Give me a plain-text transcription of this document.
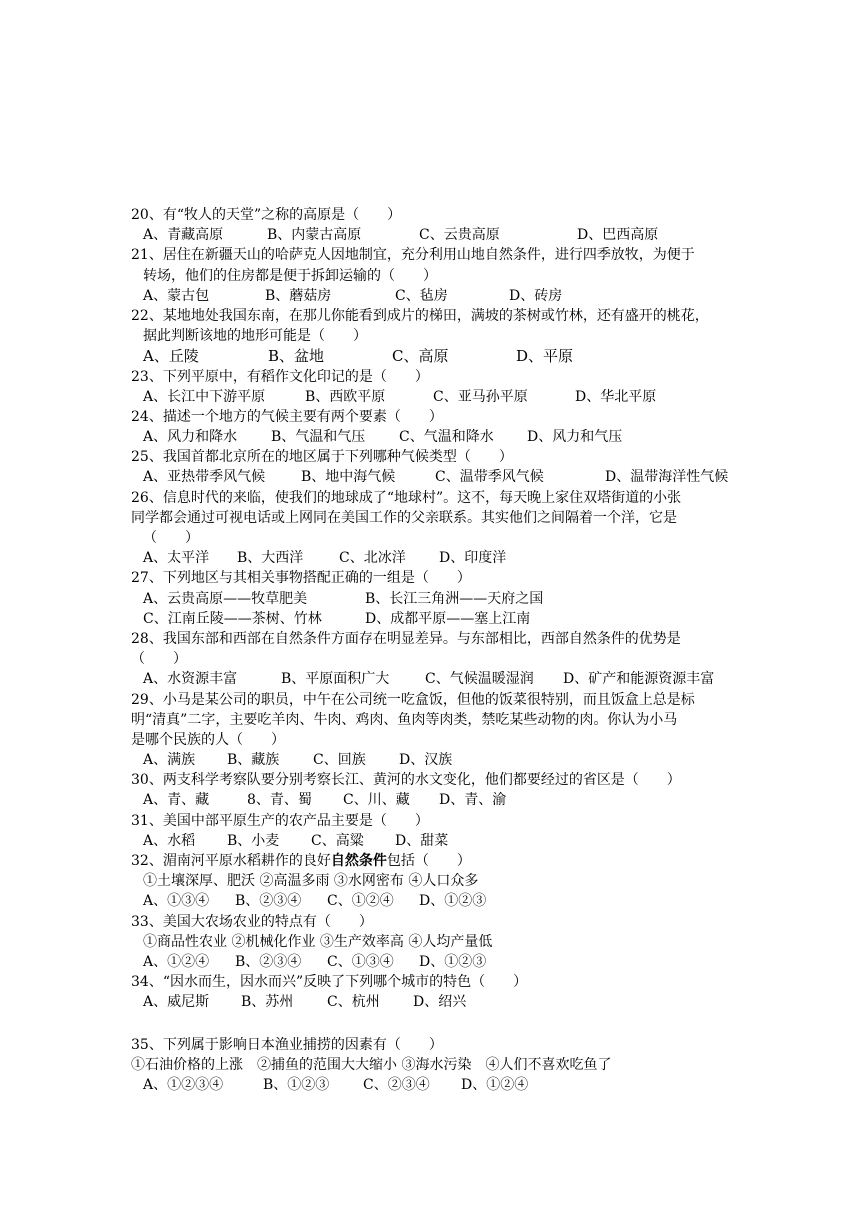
20、有“牧人的天堂”之称的高原是（　　）
A、青藏高原	B、内蒙古高原	C、云贵高原	D、巴西高原
21、居住在新疆天山的哈萨克人因地制宜，充分利用山地自然条件，进行四季放牧，为便于
转场，他们的住房都是便于拆卸运输的（　　）
A、蒙古包	B、蘑菇房	C、毡房	D、砖房
22、某地地处我国东南，在那儿你能看到成片的梯田，满坡的茶树或竹林，还有盛开的桃花，
据此判断该地的地形可能是（　　）
A、丘陵	B、盆地	C、高原	D、平原
23、下列平原中，有稻作文化印记的是（　　）
A、长江中下游平原	B、西欧平原	C、亚马孙平原	D、华北平原
24、描述一个地方的气候主要有两个要素（　　）
A、风力和降水 B、气温和气压 C、气温和降水 D、风力和气压
25、我国首都北京所在的地区属于下列哪种气候类型（　　）
A、亚热带季风气候	B、地中海气候	C、温带季风气候	D、温带海洋性气候
26、信息时代的来临，使我们的地球成了“地球村”。这不，每天晚上家住双塔街道的小张
同学都会通过可视电话或上网同在美国工作的父亲联系。其实他们之间隔着一个洋，它是
（　　）
A、太平洋 B、大西洋	C、北冰洋 D、印度洋
27、下列地区与其相关事物搭配正确的一组是（　　）
A、云贵高原——牧草肥美	B、长江三角洲——天府之国
C、江南丘陵——茶树、竹林	D、成都平原——塞上江南
28、我国东部和西部在自然条件方面存在明显差异。与东部相比，西部自然条件的优势是
（　　）
A、水资源丰富	B、平原面积广大	C、气候温暖湿润 D、矿产和能源资源丰富
29、小马是某公司的职员，中午在公司统一吃盒饭，但他的饭菜很特别，而且饭盒上总是标
明“清真”二字，主要吃羊肉、牛肉、鸡肉、鱼肉等肉类，禁吃某些动物的肉。你认为小马
是哪个民族的人（　　）
A、满族 B、藏族 C、回族 D、汉族
30、两支科学考察队要分别考察长江、黄河的水文变化，他们都要经过的省区是（　　）
A、青、藏	8、青、蜀 C、川、藏 D、青、渝
31、美国中部平原生产的农产品主要是（　　）
A、水稻 B、小麦 C、高粱 D、甜菜
32、湄南河平原水稻耕作的良好自然条件包括（　　）
①土壤深厚、肥沃 ②高温多雨 ③水网密布 ④人口众多
A、①③④ B、②③④ C、①②④ D、①②③
33、美国大农场农业的特点有（　　）
①商品性农业 ②机械化作业 ③生产效率高 ④人均产量低
A、①②④ B、②③④ C、①③④ D、①②③
34、“因水而生，因水而兴”反映了下列哪个城市的特色（　　）
A、威尼斯 B、苏州 C、杭州 D、绍兴
35、下列属于影响日本渔业捕捞的因素有（　　）
①石油价格的上涨　②捕鱼的范围大大缩小 ③海水污染　④人们不喜欢吃鱼了
A、①②③④	B、①②③ C、②③④ D、①②④
